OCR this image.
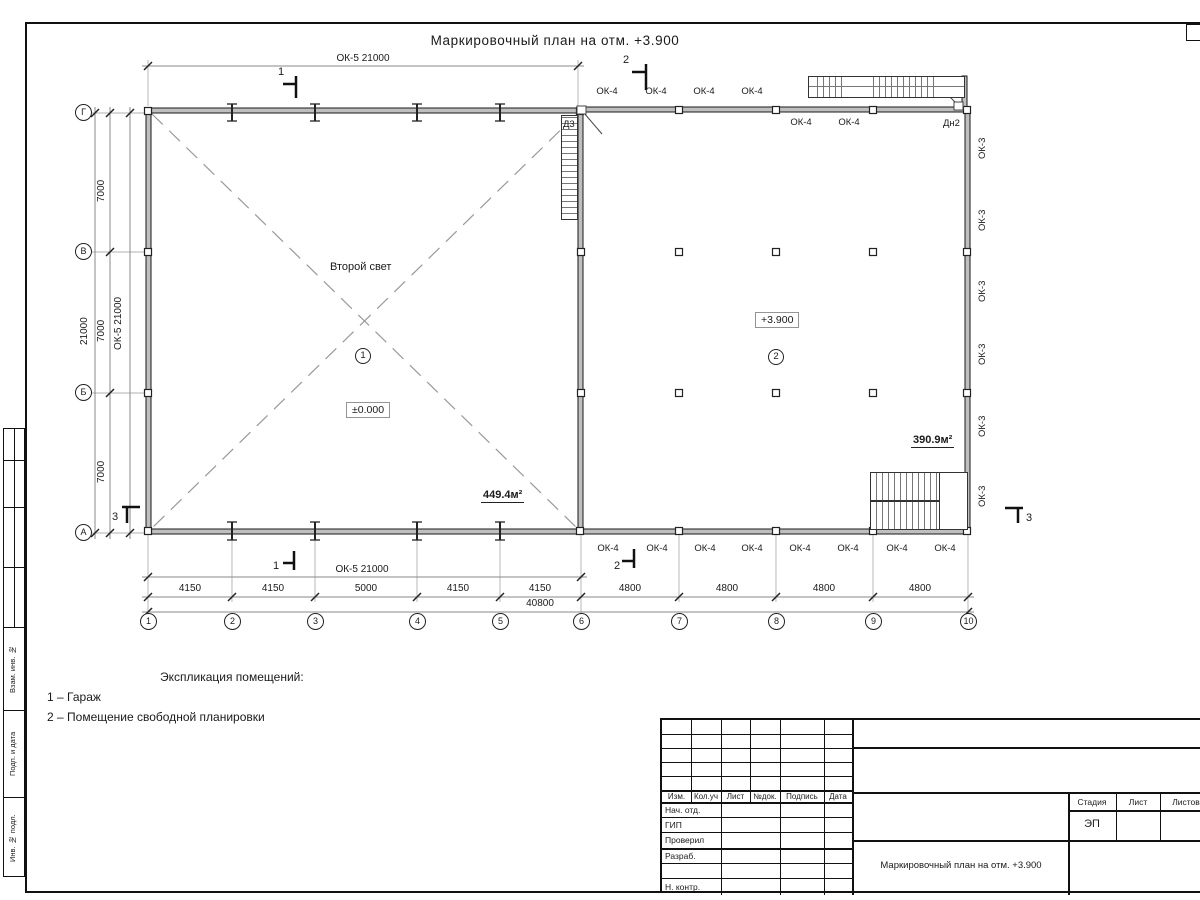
Взам. инв. №
Подп. и дата
Инв. № подл.
Маркировочный план на отм. +3.900
ОК-5 21000
ОК-5 21000
ОК-5 21000
4150	4150	5000	4150	4150	4800	4800	4800	4800
40800
7000
7000
7000
21000
1	2	3	4	5	6	7	8	9	10
Г
В
Б
А
ОК-4	ОК-4	ОК-4	ОК-4
ОК-4	ОК-4
ОК-4	ОК-4	ОК-4	ОК-4	ОК-4	ОК-4	ОК-4	ОК-4
ОК-3
ОК-3
ОК-3
ОК-3
ОК-3
ОК-3
Д3	Дн2
Второй свет
1	2
±0.000
+3.900
449.4м²
390.9м²
1
1
2
2
3	3
Экспликация помещений:
1 – Гараж
2 – Помещение свободной планировки
Изм.	Кол.уч	Лист	№док.	Подпись	Дата
Нач. отд.
ГИП
Проверил
Разраб.
Н. контр.
Стадия	Лист	Листов
ЭП
Маркировочный план на отм. +3.900
